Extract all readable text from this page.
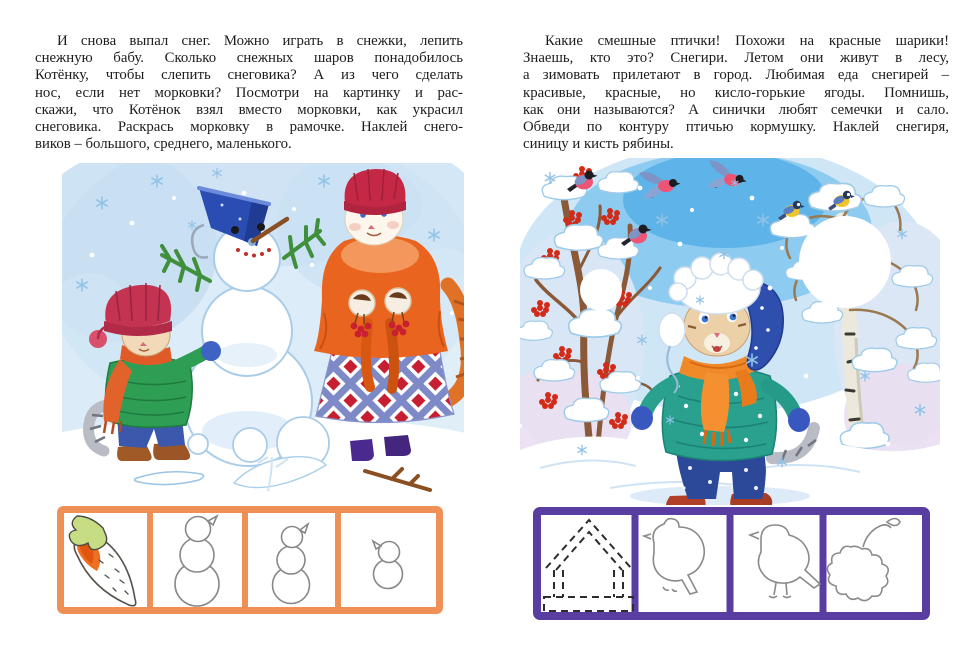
И снова выпал снег. Можно играть в снежки, лепить
снежную бабу. Сколько снежных шаров понадобилось
Котёнку, чтобы слепить снеговика? А из чего сделать
нос, если нет морковки? Посмотри на картинку и рас-
скажи, что Котёнок взял вместо морковки, как украсил
снеговика. Раскрась морковку в рамочке. Наклей снего-
виков – большого, среднего, маленького.
Какие смешные птички! Похожи на красные шарики!
Знаешь, кто это? Снегири. Летом они живут в лесу,
а зимовать прилетают в город. Любимая еда снегирей –
красивые, красные, но кисло-горькие ягоды. Помнишь,
как они называются? А синички любят семечки и сало.
Обведи по контуру птичью кормушку. Наклей снегиря,
синицу и кисть рябины.
